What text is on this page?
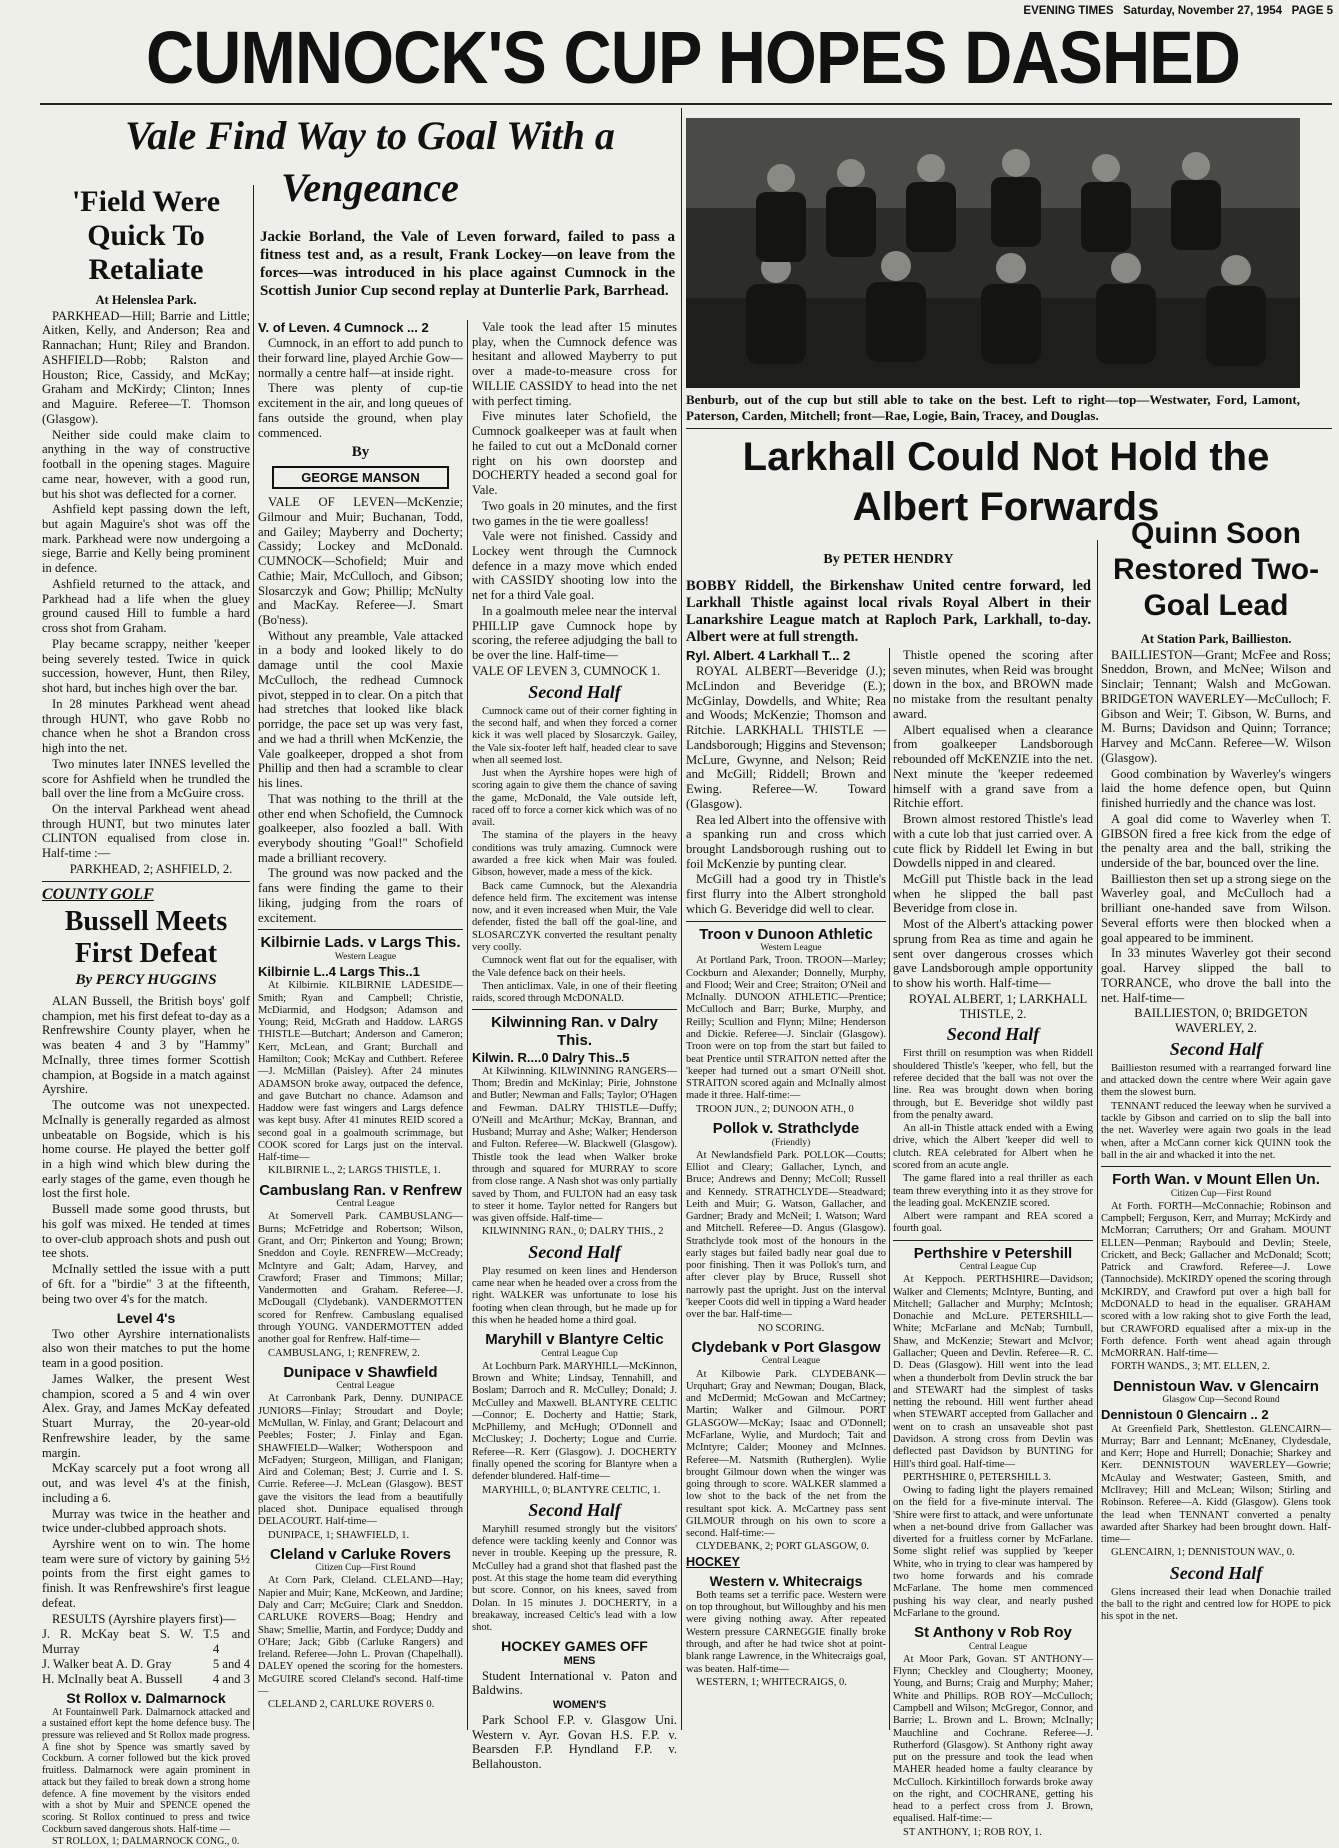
EVENING TIMES Saturday, November 27, 1954 PAGE 5
CUMNOCK'S CUP HOPES DASHED
Vale Find Way to Goal With a Vengeance
'Field Were Quick To Retaliate

At Helenslea Park.

PARKHEAD—Hill; Barrie and Little; Aitken, Kelly, and Anderson; Rea and Rannachan; Hunt; Riley and Brandon. ASHFIELD—Robb; Ralston and Houston; Rice, Cassidy, and McKay; Graham and McKirdy; Clinton; Innes and Maguire. Referee—T. Thomson (Glasgow).

Neither side could make claim to anything in the way of constructive football in the opening stages. Maguire came near, however, with a good run, but his shot was deflected for a corner.

Ashfield kept passing down the left, but again Maguire's shot was off the mark. Parkhead were now undergoing a siege, Barrie and Kelly being prominent in defence.

Ashfield returned to the attack, and Parkhead had a life when the gluey ground caused Hill to fumble a hard cross shot from Graham.

Play became scrappy, neither 'keeper being severely tested. Twice in quick succession, however, Hunt, then Riley, shot hard, but inches high over the bar.

In 28 minutes Parkhead went ahead through HUNT, who gave Robb no chance when he shot a Brandon cross high into the net.

Two minutes later INNES levelled the score for Ashfield when he trundled the ball over the line from a McGuire cross.

On the interval Parkhead went ahead through HUNT, but two minutes later CLINTON equalised from close in. Half-time :—

PARKHEAD, 2; ASHFIELD, 2.

COUNTY GOLF
Bussell Meets First Defeat
By PERCY HUGGINS

ALAN Bussell, the British boys' golf champion, met his first defeat to-day as a Renfrewshire County player, when he was beaten 4 and 3 by "Hammy" McInally, three times former Scottish champion, at Bogside in a match against Ayrshire.

The outcome was not unexpected. McInally is generally regarded as almost unbeatable on Bogside, which is his home course. He played the better golf in a high wind which blew during the early stages of the game, even though he lost the first hole.

Bussell made some good thrusts, but his golf was mixed. He tended at times to over-club approach shots and push out tee shots.

McInally settled the issue with a putt of 6ft. for a "birdie" 3 at the fifteenth, being two over 4's for the match.

Level 4's

Two other Ayrshire internationalists also won their matches to put the home team in a good position.

James Walker, the present West champion, scored a 5 and 4 win over Alex. Gray, and James McKay defeated Stuart Murray, the 20-year-old Renfrewshire leader, by the same margin.

McKay scarcely put a foot wrong all out, and was level 4's at the finish, including a 6.

Murray was twice in the heather and twice under-clubbed approach shots.

Ayrshire went on to win. The home team were sure of victory by gaining 5½ points from the first eight games to finish. It was Renfrewshire's first league defeat.

RESULTS (Ayrshire players first)—

J. R. McKay beat S. W. T. Murray
5 and 4
J. Walker beat A. D. Gray	5 and 4
H. McInally beat A. Bussell 4 and 3
St Rollox v. Dalmarnock

At Fountainwell Park. Dalmarnock attacked and a sustained effort kept the home defence busy. The pressure was relieved and St Rollox made progress. A fine shot by Spence was smartly saved by Cockburn. A corner followed but the kick proved fruitless. Dalmarnock were again prominent in attack but they failed to break down a strong home defence. A fine movement by the visitors ended with a shot by Muir and SPENCE opened the scoring. St Rollox continued to press and twice Cockburn saved dangerous shots. Half-time —

ST ROLLOX, 1; DALMARNOCK CONG., 0.

Jackie Borland, the Vale of Leven forward, failed to pass a fitness test and, as a result, Frank Lockey—on leave from the forces—was introduced in his place against Cumnock in the Scottish Junior Cup second replay at Dunterlie Park, Barrhead.

V. of Leven. 4 Cumnock ... 2

Cumnock, in an effort to add punch to their forward line, played Archie Gow—normally a centre half—at inside right.

There was plenty of cup-tie excitement in the air, and long queues of fans outside the ground, when play commenced.

By
GEORGE MANSON

VALE OF LEVEN—McKenzie; Gilmour and Muir; Buchanan, Todd, and Gailey; Mayberry and Docherty; Cassidy; Lockey and McDonald. CUMNOCK—Schofield; Muir and Cathie; Mair, McCulloch, and Gibson; Slosarczyk and Gow; Phillip; McNulty and MacKay. Referee—J. Smart (Bo'ness).

Without any preamble, Vale attacked in a body and looked likely to do damage until the cool Maxie McCulloch, the redhead Cumnock pivot, stepped in to clear. On a pitch that had stretches that looked like black porridge, the pace set up was very fast, and we had a thrill when McKenzie, the Vale goalkeeper, dropped a shot from Phillip and then had a scramble to clear his lines.

That was nothing to the thrill at the other end when Schofield, the Cumnock goalkeeper, also foozled a ball. With everybody shouting "Goal!" Schofield made a brilliant recovery.

The ground was now packed and the fans were finding the game to their liking, judging from the roars of excitement.

Kilbirnie Lads. v Largs This.

Western League

Kilbirnie L..4 Largs This..1

At Kilbirnie. KILBIRNIE LADESIDE—Smith; Ryan and Campbell; Christie, McDiarmid, and Hodgson; Adamson and Young; Reid, McGrath and Haddow. LARGS THISTLE—Butchart; Anderson and Cameron; Kerr, McLean, and Grant; Burchall and Hamilton; Cook; McKay and Cuthbert. Referee—J. McMillan (Paisley). After 24 minutes ADAMSON broke away, outpaced the defence, and gave Butchart no chance. Adamson and Haddow were fast wingers and Largs defence was kept busy. After 41 minutes REID scored a second goal in a goalmouth scrimmage, but COOK scored for Largs just on the interval. Half-time—

KILBIRNIE L., 2; LARGS THISTLE, 1.

Cambuslang Ran. v Renfrew

Central League

At Somervell Park. CAMBUSLANG—Burns; McFetridge and Robertson; Wilson, Grant, and Orr; Pinkerton and Young; Brown; Sneddon and Coyle. RENFREW—McCready; McIntyre and Galt; Adam, Harvey, and Crawford; Fraser and Timmons; Millar; Vandermotten and Graham. Referee—J. McDougall (Clydebank). VANDERMOTTEN scored for Renfrew. Cambuslang equalised through YOUNG. VANDERMOTTEN added another goal for Renfrew. Half-time—

CAMBUSLANG, 1; RENFREW, 2.

Dunipace v Shawfield

Central League

At Carronbank Park, Denny. DUNIPACE JUNIORS—Finlay; Stroudart and Doyle; McMullan, W. Finlay, and Grant; Delacourt and Peebles; Foster; J. Finlay and Egan. SHAWFIELD—Walker; Wotherspoon and McFadyen; Sturgeon, Milligan, and Flanigan; Aird and Coleman; Best; J. Currie and I. S. Currie. Referee—J. McLean (Glasgow). BEST gave the visitors the lead from a beautifully placed shot. Dunipace equalised through DELACOURT. Half-time—

DUNIPACE, 1; SHAWFIELD, 1.

Cleland v Carluke Rovers

Citizen Cup—First Round

At Corn Park, Cleland. CLELAND—Hay; Napier and Muir; Kane, McKeown, and Jardine; Daly and Carr; McGuire; Clark and Sneddon. CARLUKE ROVERS—Boag; Hendry and Shaw; Smellie, Martin, and Fordyce; Duddy and O'Hare; Jack; Gibb (Carluke Rangers) and Ireland. Referee—John L. Provan (Chapelhall). DALEY opened the scoring for the homesters. McGUIRE scored Cleland's second. Half-time—

CLELAND 2, CARLUKE ROVERS 0.

Vale took the lead after 15 minutes play, when the Cumnock defence was hesitant and allowed Mayberry to put over a made-to-measure cross for WILLIE CASSIDY to head into the net with perfect timing.

Five minutes later Schofield, the Cumnock goalkeeper was at fault when he failed to cut out a McDonald corner right on his own doorstep and DOCHERTY headed a second goal for Vale.

Two goals in 20 minutes, and the first two games in the tie were goalless!

Vale were not finished. Cassidy and Lockey went through the Cumnock defence in a mazy move which ended with CASSIDY shooting low into the net for a third Vale goal.

In a goalmouth melee near the interval PHILLIP gave Cumnock hope by scoring, the referee adjudging the ball to be over the line. Half-time—

VALE OF LEVEN 3, CUMNOCK 1.

Second Half

Cumnock came out of their corner fighting in the second half, and when they forced a corner kick it was well placed by Slosarczyk. Gailey, the Vale six-footer left half, headed clear to save when all seemed lost.

Just when the Ayrshire hopes were high of scoring again to give them the chance of saving the game, McDonald, the Vale outside left, raced off to force a corner kick which was of no avail.

The stamina of the players in the heavy conditions was truly amazing. Cumnock were awarded a free kick when Mair was fouled. Gibson, however, made a mess of the kick.

Back came Cumnock, but the Alexandria defence held firm. The excitement was intense now, and it even increased when Muir, the Vale defender, fisted the ball off the goal-line, and SLOSARCZYK converted the resultant penalty very coolly.

Cumnock went flat out for the equaliser, with the Vale defence back on their heels.

Then anticlimax. Vale, in one of their fleeting raids, scored through McDONALD.

Kilwinning Ran. v Dalry This.

Kilwin. R....0 Dalry This..5

At Kilwinning. KILWINNING RANGERS—Thom; Bredin and McKinlay; Pirie, Johnstone and Butler; Newman and Falls; Taylor; O'Hagen and Fewman. DALRY THISTLE—Duffy; O'Neill and McArthur; McKay, Brannan, and Husband; Murray and Ashe; Walker; Henderson and Fulton. Referee—W. Blackwell (Glasgow). Thistle took the lead when Walker broke through and squared for MURRAY to score from close range. A Nash shot was only partially saved by Thom, and FULTON had an easy task to steer it home. Taylor netted for Rangers but was given offside. Half-time—

KILWINNING RAN., 0; DALRY THIS., 2

Second Half

Play resumed on keen lines and Henderson came near when he headed over a cross from the right. WALKER was unfortunate to lose his footing when clean through, but he made up for this when he headed home a third goal.

Maryhill v Blantyre Celtic

Central League Cup

At Lochburn Park. MARYHILL—McKinnon, Brown and White; Lindsay, Tennahill, and Boslam; Darroch and R. McCulley; Donald; J. McCulley and Maxwell. BLANTYRE CELTIC—Connor; E. Docherty and Hattie; Stark, McPhillemy, and McHugh; O'Donnell and McCluskey; J. Docherty; Logue and Currie. Referee—R. Kerr (Glasgow). J. DOCHERTY finally opened the scoring for Blantyre when a defender blundered. Half-time—

MARYHILL, 0; BLANTYRE CELTIC, 1.

Second Half

Maryhill resumed strongly but the visitors' defence were tackling keenly and Connor was never in trouble. Keeping up the pressure, R. McCulley had a grand shot that flashed past the post. At this stage the home team did everything but score. Connor, on his knees, saved from Dolan. In 15 minutes J. DOCHERTY, in a breakaway, increased Celtic's lead with a low shot.

HOCKEY GAMES OFF

MENS

Student International v. Paton and Baldwins.

WOMEN'S

Park School F.P. v. Glasgow Uni. Western v. Ayr. Govan H.S. F.P. v. Bearsden F.P. Hyndland F.P. v. Bellahouston.

Benburb, out of the cup but still able to take on the best. Left to right—top—Westwater, Ford, Lamont, Paterson, Carden, Mitchell; front—Rae, Logie, Bain, Tracey, and Douglas.
Larkhall Could Not Hold the Albert Forwards
By PETER HENDRY
BOBBY Riddell, the Birkenshaw United centre forward, led Larkhall Thistle against local rivals Royal Albert in their Lanarkshire League match at Raploch Park, Larkhall, to-day. Albert were at full strength.

Ryl. Albert. 4 Larkhall T... 2

ROYAL ALBERT—Beveridge (J.); McLindon and Beveridge (E.); McGinlay, Dowdells, and White; Rea and Woods; McKenzie; Thomson and Ritchie. LARKHALL THISTLE — Landsborough; Higgins and Stevenson; McLure, Gwynne, and Nelson; Reid and McGill; Riddell; Brown and Ewing. Referee—W. Toward (Glasgow).

Rea led Albert into the offensive with a spanking run and cross which brought Landsborough rushing out to foil McKenzie by punting clear.

McGill had a good try in Thistle's first flurry into the Albert stronghold which G. Beveridge did well to clear.

Troon v Dunoon Athletic

Western League

At Portland Park, Troon. TROON—Marley; Cockburn and Alexander; Donnelly, Murphy, and Flood; Weir and Cree; Straiton; O'Neil and McInally. DUNOON ATHLETIC—Prentice; McCulloch and Barr; Burke, Murphy, and Reilly; Scullion and Flynn; Milne; Henderson and Dickie. Referee—J. Sinclair (Glasgow). Troon were on top from the start but failed to beat Prentice until STRAITON netted after the 'keeper had turned out a smart O'Neill shot. STRAITON scored again and McInally almost made it three. Half-time:—

TROON JUN., 2; DUNOON ATH., 0

Pollok v. Strathclyde

(Friendly)

At Newlandsfield Park. POLLOK—Coutts; Elliot and Cleary; Gallacher, Lynch, and Bruce; Andrews and Denny; McColl; Russell and Kennedy. STRATHCLYDE—Steadward; Leith and Muir; G. Watson, Gallacher, and Gardner; Brady and McNeil; I. Watson; Ward and Mitchell. Referee—D. Angus (Glasgow). Strathclyde took most of the honours in the early stages but failed badly near goal due to poor finishing. Then it was Pollok's turn, and after clever play by Bruce, Russell shot narrowly past the upright. Just on the interval 'keeper Coots did well in tipping a Ward header over the bar. Half-time—

NO SCORING.

Clydebank v Port Glasgow

Central League

At Kilbowie Park. CLYDEBANK—Urquhart; Gray and Newman; Dougan, Black, and McDermid; McGowan and McCartney; Martin; Walker and Gilmour. PORT GLASGOW—McKay; Isaac and O'Donnell; McFarlane, Wylie, and Murdoch; Tait and McIntyre; Calder; Mooney and McInnes. Referee—M. Natsmith (Rutherglen). Wylie brought Gilmour down when the winger was going through to score. WALKER slammed a low shot to the back of the net from the resultant spot kick. A. McCartney pass sent GILMOUR through on his own to score a second. Half-time:—

CLYDEBANK, 2; PORT GLASGOW, 0.

HOCKEY
Western v. Whitecraigs

Both teams set a terrific pace. Western were on top throughout, but Willoughby and his men were giving nothing away. After repeated Western pressure CARNEGGIE finally broke through, and after he had twice shot at point-blank range Lawrence, in the Whitecraigs goal, was beaten. Half-time—

WESTERN, 1; WHITECRAIGS, 0.

Thistle opened the scoring after seven minutes, when Reid was brought down in the box, and BROWN made no mistake from the resultant penalty award.

Albert equalised when a clearance from goalkeeper Landsborough rebounded off McKENZIE into the net. Next minute the 'keeper redeemed himself with a grand save from a Ritchie effort.

Brown almost restored Thistle's lead with a cute lob that just carried over. A cute flick by Riddell let Ewing in but Dowdells nipped in and cleared.

McGill put Thistle back in the lead when he slipped the ball past Beveridge from close in.

Most of the Albert's attacking power sprung from Rea as time and again he sent over dangerous crosses which gave Landsborough ample opportunity to show his worth. Half-time—

ROYAL ALBERT, 1; LARKHALL THISTLE, 2.

Second Half

First thrill on resumption was when Riddell shouldered Thistle's 'keeper, who fell, but the referee decided that the ball was not over the line. Rea was brought down when boring through, but E. Beveridge shot wildly past from the penalty award.

An all-in Thistle attack ended with a Ewing drive, which the Albert 'keeper did well to clutch. REA celebrated for Albert when he scored from an acute angle.

The game flared into a real thriller as each team threw everything into it as they strove for the leading goal. McKENZIE scored.

Albert were rampant and REA scored a fourth goal.

Perthshire v Petershill

Central League Cup

At Keppoch. PERTHSHIRE—Davidson; Walker and Clements; McIntyre, Bunting, and Mitchell; Gallacher and Murphy; McIntosh; Donachie and McLure. PETERSHILL—White; McFarlane and McNab; Turnbull, Shaw, and McKenzie; Stewart and McIvor; Gallacher; Queen and Devlin. Referee—R. C. D. Deas (Glasgow). Hill went into the lead when a thunderbolt from Devlin struck the bar and STEWART had the simplest of tasks netting the rebound. Hill went further ahead when STEWART accepted from Gallacher and went on to crash an unsaveable shot past Davidson. A strong cross from Devlin was deflected past Davidson by BUNTING for Hill's third goal. Half-time—

PERTHSHIRE 0, PETERSHILL 3.

Owing to fading light the players remained on the field for a five-minute interval. The 'Shire were first to attack, and were unfortunate when a net-bound drive from Gallacher was diverted for a fruitless corner by McFarlane. Some slight relief was supplied by 'keeper White, who in trying to clear was hampered by two home forwards and his comrade McFarlane. The home men commenced pushing his way clear, and nearly pushed McFarlane to the ground.

St Anthony v Rob Roy

Central League

At Moor Park, Govan. ST ANTHONY—Flynn; Checkley and Clougherty; Mooney, Young, and Burns; Craig and Murphy; Maher; White and Phillips. ROB ROY—McCulloch; Campbell and Wilson; McGregor, Connor, and Barrie; L. Brown and L. Brown; McInally; Mauchline and Cochrane. Referee—J. Rutherford (Glasgow). St Anthony right away put on the pressure and took the lead when MAHER headed home a faulty clearance by McCulloch. Kirkintilloch forwards broke away on the right, and COCHRANE, getting his head to a perfect cross from J. Brown, equalised. Half-time:—

ST ANTHONY, 1; ROB ROY, 1.

Quinn Soon Restored Two-Goal Lead

At Station Park, Baillieston.

BAILLIESTON—Grant; McFee and Ross; Sneddon, Brown, and McNee; Wilson and Sinclair; Tennant; Walsh and McGowan. BRIDGETON WAVERLEY—McCulloch; F. Gibson and Weir; T. Gibson, W. Burns, and M. Burns; Davidson and Quinn; Torrance; Harvey and McCann. Referee—W. Wilson (Glasgow).

Good combination by Waverley's wingers laid the home defence open, but Quinn finished hurriedly and the chance was lost.

A goal did come to Waverley when T. GIBSON fired a free kick from the edge of the penalty area and the ball, striking the underside of the bar, bounced over the line.

Baillieston then set up a strong siege on the Waverley goal, and McCulloch had a brilliant one-handed save from Wilson. Several efforts were then blocked when a goal appeared to be imminent.

In 33 minutes Waverley got their second goal. Harvey slipped the ball to TORRANCE, who drove the ball into the net. Half-time—

BAILLIESTON, 0; BRIDGETON WAVERLEY, 2.

Second Half

Baillieston resumed with a rearranged forward line and attacked down the centre where Weir again gave them the slowest burn.

TENNANT reduced the leeway when he survived a tackle by Gibson and carried on to slip the ball into the net. Waverley were again two goals in the lead when, after a McCann corner kick QUINN took the ball in the air and whacked it into the net.

Forth Wan. v Mount Ellen Un.

Citizen Cup—First Round

At Forth. FORTH—McConnachie; Robinson and Campbell; Ferguson, Kerr, and Murray; McKirdy and McMorran; Carruthers; Orr and Graham. MOUNT ELLEN—Penman; Raybould and Devlin; Steele, Crickett, and Beck; Gallacher and McDonald; Scott; Patrick and Crawford. Referee—J. Lowe (Tannochside). McKIRDY opened the scoring through McKIRDY, and Crawford put over a high ball for McDONALD to head in the equaliser. GRAHAM scored with a low raking shot to give Forth the lead, but CRAWFORD equalised after a mix-up in the Forth defence. Forth went ahead again through McMORRAN. Half-time—

FORTH WANDS., 3; MT. ELLEN, 2.

Dennistoun Wav. v Glencairn

Glasgow Cup—Second Round

Dennistoun 0 Glencairn .. 2

At Greenfield Park, Shettleston. GLENCAIRN—Murray; Barr and Lennant; McEnaney, Clydesdale, and Kerr; Hope and Hurrell; Donachie; Sharkey and Kerr. DENNISTOUN WAVERLEY—Gowrie; McAulay and Westwater; Gasteen, Smith, and McIlravey; Hill and McLean; Wilson; Stirling and Robinson. Referee—A. Kidd (Glasgow). Glens took the lead when TENNANT converted a penalty awarded after Sharkey had been brought down. Half-time—

GLENCAIRN, 1; DENNISTOUN WAV., 0.

Second Half

Glens increased their lead when Donachie trailed the ball to the right and centred low for HOPE to pick his spot in the net.
